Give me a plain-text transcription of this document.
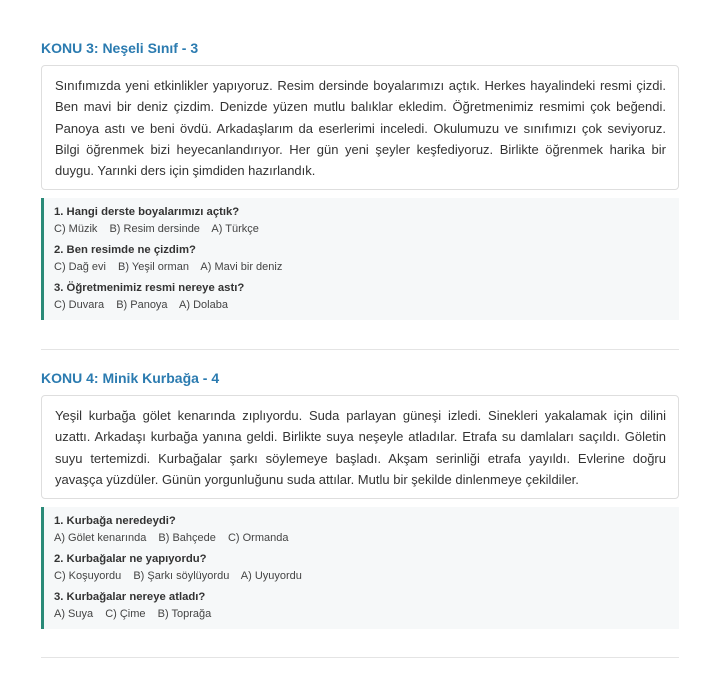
KONU 3: Neşeli Sınıf - 3
Sınıfımızda yeni etkinlikler yapıyoruz. Resim dersinde boyalarımızı açtık. Herkes hayalindeki resmi çizdi. Ben mavi bir deniz çizdim. Denizde yüzen mutlu balıklar ekledim. Öğretmenimiz resmimi çok beğendi. Panoya astı ve beni övdü. Arkadaşlarım da eserlerimi inceledi. Okulumuzu ve sınıfımızı çok seviyoruz. Bilgi öğrenmek bizi heyecanlandırıyor. Her gün yeni şeyler keşfediyoruz. Birlikte öğrenmek harika bir duygu. Yarınki ders için şimdiden hazırlandık.
1. Hangi derste boyalarımızı açtık?
C) Müzik B) Resim dersinde A) Türkçe
2. Ben resimde ne çizdim?
C) Dağ evi B) Yeşil orman A) Mavi bir deniz
3. Öğretmenimiz resmi nereye astı?
C) Duvara B) Panoya A) Dolaba
KONU 4: Minik Kurbağa - 4
Yeşil kurbağa gölet kenarında zıplıyordu. Suda parlayan güneşi izledi. Sinekleri yakalamak için dilini uzattı. Arkadaşı kurbağa yanına geldi. Birlikte suya neşeyle atladılar. Etrafa su damlaları saçıldı. Göletin suyu tertemizdi. Kurbağalar şarkı söylemeye başladı. Akşam serinliği etrafa yayıldı. Evlerine doğru yavaşça yüzdüler. Günün yorgunluğunu suda attılar. Mutlu bir şekilde dinlenmeye çekildiler.
1. Kurbağa neredeydi?
A) Gölet kenarında B) Bahçede C) Ormanda
2. Kurbağalar ne yapıyordu?
C) Koşuyordu B) Şarkı söylüyordu A) Uyuyordu
3. Kurbağalar nereye atladı?
A) Suya C) Çime B) Toprağa
